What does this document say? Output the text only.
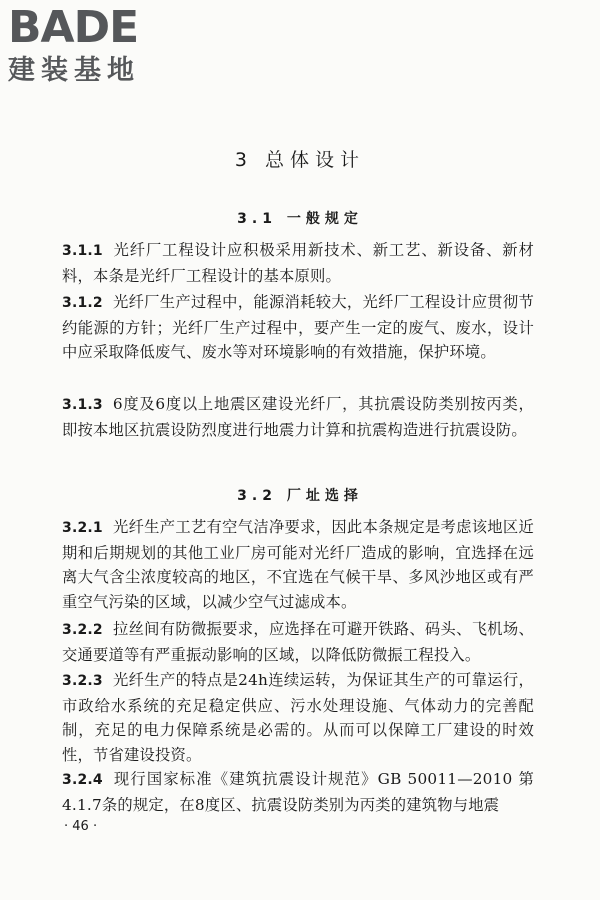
BADE
建装基地
3 总体设计
3.1 一般规定
3.1.1 光纤厂工程设计应积极采用新技术、新工艺、新设备、新材料，本条是光纤厂工程设计的基本原则。
3.1.2 光纤厂生产过程中，能源消耗较大，光纤厂工程设计应贯彻节约能源的方针；光纤厂生产过程中，要产生一定的废气、废水，设计中应采取降低废气、废水等对环境影响的有效措施，保护环境。
3.1.3 6度及6度以上地震区建设光纤厂，其抗震设防类别按丙类，即按本地区抗震设防烈度进行地震力计算和抗震构造进行抗震设防。
3.2 厂址选择
3.2.1 光纤生产工艺有空气洁净要求，因此本条规定是考虑该地区近期和后期规划的其他工业厂房可能对光纤厂造成的影响，宜选择在远离大气含尘浓度较高的地区，不宜选在气候干旱、多风沙地区或有严重空气污染的区域，以减少空气过滤成本。
3.2.2 拉丝间有防微振要求，应选择在可避开铁路、码头、飞机场、交通要道等有严重振动影响的区域，以降低防微振工程投入。
3.2.3 光纤生产的特点是24h连续运转，为保证其生产的可靠运行，市政给水系统的充足稳定供应、污水处理设施、气体动力的完善配制，充足的电力保障系统是必需的。从而可以保障工厂建设的时效性，节省建设投资。
3.2.4 现行国家标准《建筑抗震设计规范》GB 50011—2010 第4.1.7条的规定，在8度区、抗震设防类别为丙类的建筑物与地震
· 46 ·
